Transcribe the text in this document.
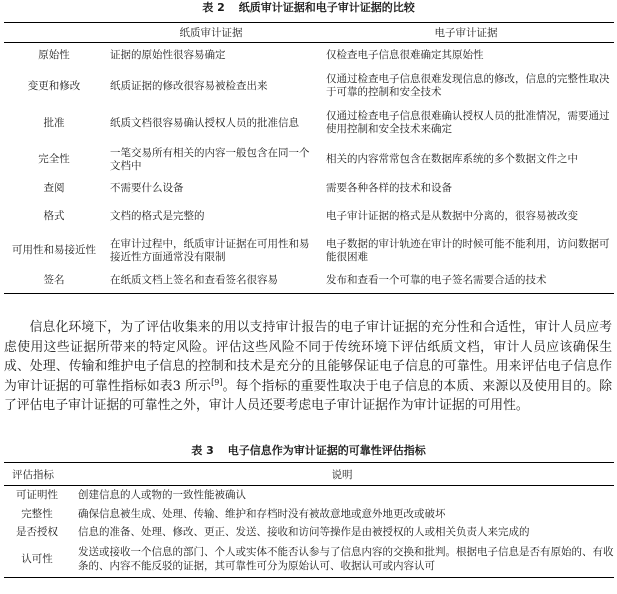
表 2 纸质审计证据和电子审计证据的比较
	纸质审计证据	电子审计证据
原始性	证据的原始性很容易确定	仅检查电子信息很难确定其原始性
变更和修改	纸质证据的修改很容易被检查出来	仅通过检查电子信息很难发现信息的修改，信息的完整性取决于可靠的控制和安全技术
批准	纸质文档很容易确认授权人员的批准信息	仅通过检查电子信息很难确认授权人员的批准情况，需要通过使用控制和安全技术来确定
完全性	一笔交易所有相关的内容一般包含在同一个文档中	相关的内容常常包含在数据库系统的多个数据文件之中
查阅	不需要什么设备	需要各种各样的技术和设备
格式	文档的格式是完整的	电子审计证据的格式是从数据中分离的，很容易被改变
可用性和易接近性	在审计过程中，纸质审计证据在可用性和易接近性方面通常没有限制	电子数据的审计轨迹在审计的时候可能不能利用，访问数据可能很困难
签名	在纸质文档上签名和查看签名很容易	发布和查看一个可靠的电子签名需要合适的技术

信息化环境下，为了评估收集来的用以支持审计报告的电子审计证据的充分性和合适性，审计人员应考虑使用这些证据所带来的特定风险。评估这些风险不同于传统环境下评估纸质文档，审计人员应该确保生成、处理、传输和维护电子信息的控制和技术是充分的且能够保证电子信息的可靠性。用来评估电子信息作为审计证据的可靠性指标如表3 所示[9]。每个指标的重要性取决于电子信息的本质、来源以及使用目的。除了评估电子审计证据的可靠性之外，审计人员还要考虑电子审计证据作为审计证据的可用性。

表 3 电子信息作为审计证据的可靠性评估指标
评估指标	说明
可证明性	创建信息的人或物的一致性能被确认
完整性	确保信息被生成、处理、传输、维护和存档时没有被故意地或意外地更改或破坏
是否授权	信息的准备、处理、修改、更正、发送、接收和访问等操作是由被授权的人或相关负责人来完成的
认可性	发送或接收一个信息的部门、个人或实体不能否认参与了信息内容的交换和批判。根据电子信息是否有原始的、有收条的、内容不能反驳的证据，其可靠性可分为原始认可、收据认可或内容认可
